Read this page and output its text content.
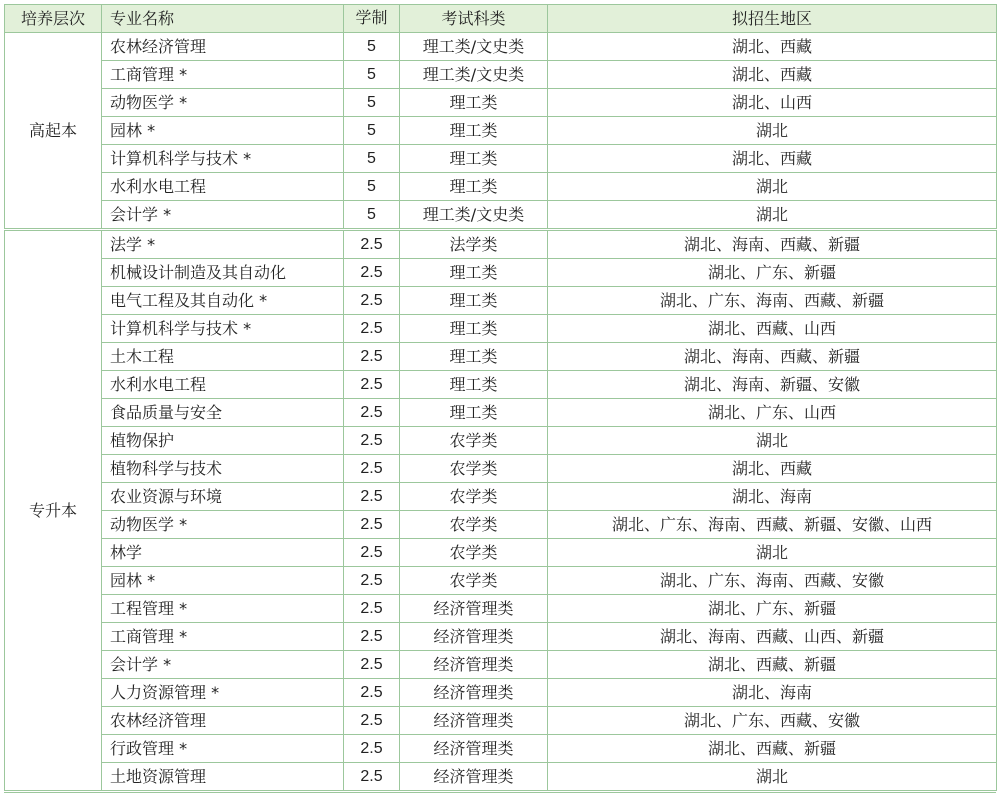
培养层次	专业名称	学制	考试科类	拟招生地区
高起本	农林经济管理	5	理工类/文史类	湖北、西藏
	工商管理 *	5	理工类/文史类	湖北、西藏
	动物医学 *	5	理工类	湖北、山西
	园林 *	5	理工类	湖北
	计算机科学与技术 *	5	理工类	湖北、西藏
	水利水电工程	5	理工类	湖北
	会计学 *	5	理工类/文史类	湖北
专升本	法学 *	2.5	法学类	湖北、海南、西藏、新疆
	机械设计制造及其自动化	2.5	理工类	湖北、广东、新疆
	电气工程及其自动化 *	2.5	理工类	湖北、广东、海南、西藏、新疆
	计算机科学与技术 *	2.5	理工类	湖北、西藏、山西
	土木工程	2.5	理工类	湖北、海南、西藏、新疆
	水利水电工程	2.5	理工类	湖北、海南、新疆、安徽
	食品质量与安全	2.5	理工类	湖北、广东、山西
	植物保护	2.5	农学类	湖北
	植物科学与技术	2.5	农学类	湖北、西藏
	农业资源与环境	2.5	农学类	湖北、海南
	动物医学 *	2.5	农学类	湖北、广东、海南、西藏、新疆、安徽、山西
	林学	2.5	农学类	湖北
	园林 *	2.5	农学类	湖北、广东、海南、西藏、安徽
	工程管理 *	2.5	经济管理类	湖北、广东、新疆
	工商管理 *	2.5	经济管理类	湖北、海南、西藏、山西、新疆
	会计学 *	2.5	经济管理类	湖北、西藏、新疆
	人力资源管理 *	2.5	经济管理类	湖北、海南
	农林经济管理	2.5	经济管理类	湖北、广东、西藏、安徽
	行政管理 *	2.5	经济管理类	湖北、西藏、新疆
	土地资源管理	2.5	经济管理类	湖北
